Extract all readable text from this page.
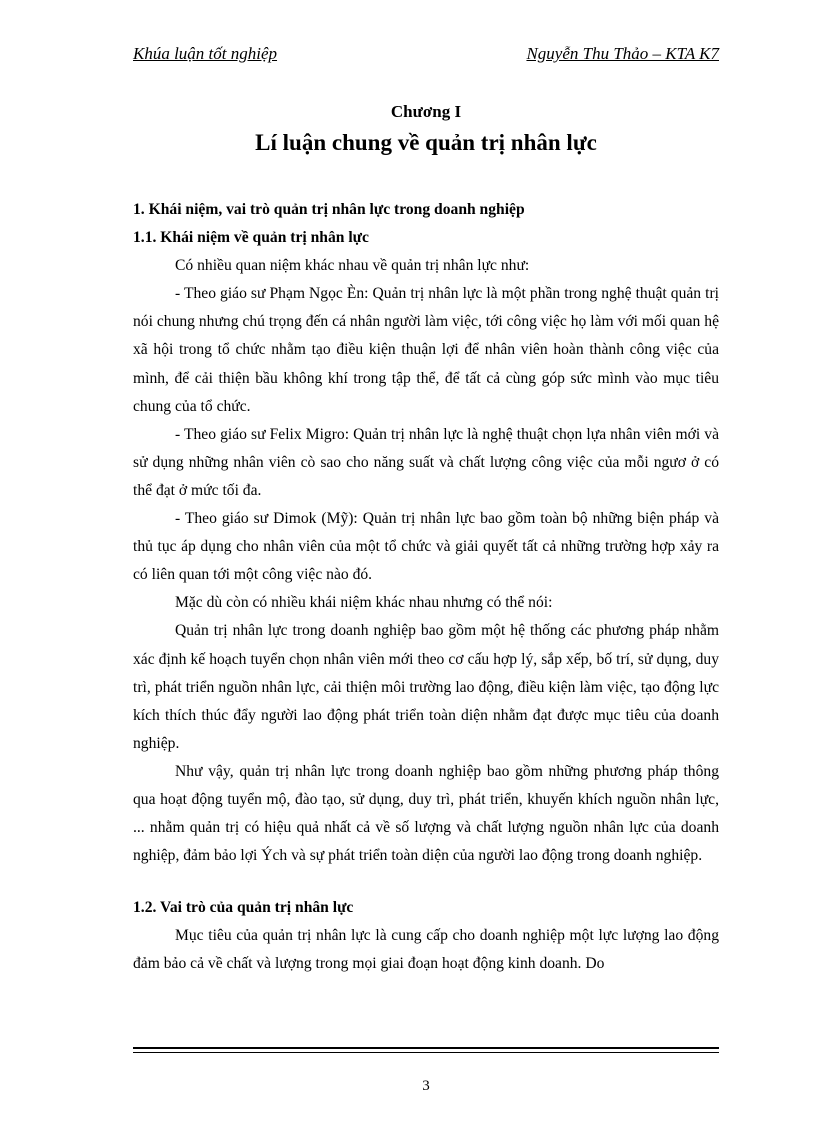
Khúa luận tốt nghiệp	Nguyễn Thu Thảo – KTA K7
Chương I
Lí luận chung về quản trị nhân lực

1. Khái niệm, vai trò quản trị nhân lực trong doanh nghiệp

1.1. Khái niệm về quản trị nhân lực

Có nhiều quan niệm khác nhau về quản trị nhân lực như:

- Theo giáo sư Phạm Ngọc Èn: Quản trị nhân lực là một phần trong nghệ thuật quản trị nói chung nhưng chú trọng đến cá nhân người làm việc, tới công việc họ làm với mối quan hệ xã hội trong tổ chức nhằm tạo điều kiện thuận lợi để nhân viên hoàn thành công việc của mình, để cải thiện bầu không khí trong tập thể, để tất cả cùng góp sức mình vào mục tiêu chung của tổ chức.

- Theo giáo sư Felix Migro: Quản trị nhân lực là nghệ thuật chọn lựa nhân viên mới và sử dụng những nhân viên cò sao cho năng suất và chất lượng công việc của mỗi ngươ ở có thể đạt ở mức tối đa.

- Theo giáo sư Dimok (Mỹ): Quản trị nhân lực bao gồm toàn bộ những biện pháp và thủ tục áp dụng cho nhân viên của một tổ chức và giải quyết tất cả những trường hợp xảy ra có liên quan tới một công việc nào đó.

Mặc dù còn có nhiều khái niệm khác nhau nhưng có thể nói:

Quản trị nhân lực trong doanh nghiệp bao gồm một hệ thống các phương pháp nhằm xác định kế hoạch tuyển chọn nhân viên mới theo cơ cấu hợp lý, sắp xếp, bố trí, sử dụng, duy trì, phát triển nguồn nhân lực, cải thiện môi trường lao động, điều kiện làm việc, tạo động lực kích thích thúc đẩy người lao động phát triển toàn diện nhằm đạt được mục tiêu của doanh nghiệp.

Như vậy, quản trị nhân lực trong doanh nghiệp bao gồm những phương pháp thông qua hoạt động tuyển mộ, đào tạo, sử dụng, duy trì, phát triển, khuyến khích nguồn nhân lực, ... nhằm quản trị có hiệu quả nhất cả về số lượng và chất lượng nguồn nhân lực của doanh nghiệp, đảm bảo lợi Ých và sự phát triển toàn diện của người lao động trong doanh nghiệp.

1.2. Vai trò của quản trị nhân lực

Mục tiêu của quản trị nhân lực là cung cấp cho doanh nghiệp một lực lượng lao động đảm bảo cả về chất và lượng trong mọi giai đoạn hoạt động kinh doanh. Do

3
